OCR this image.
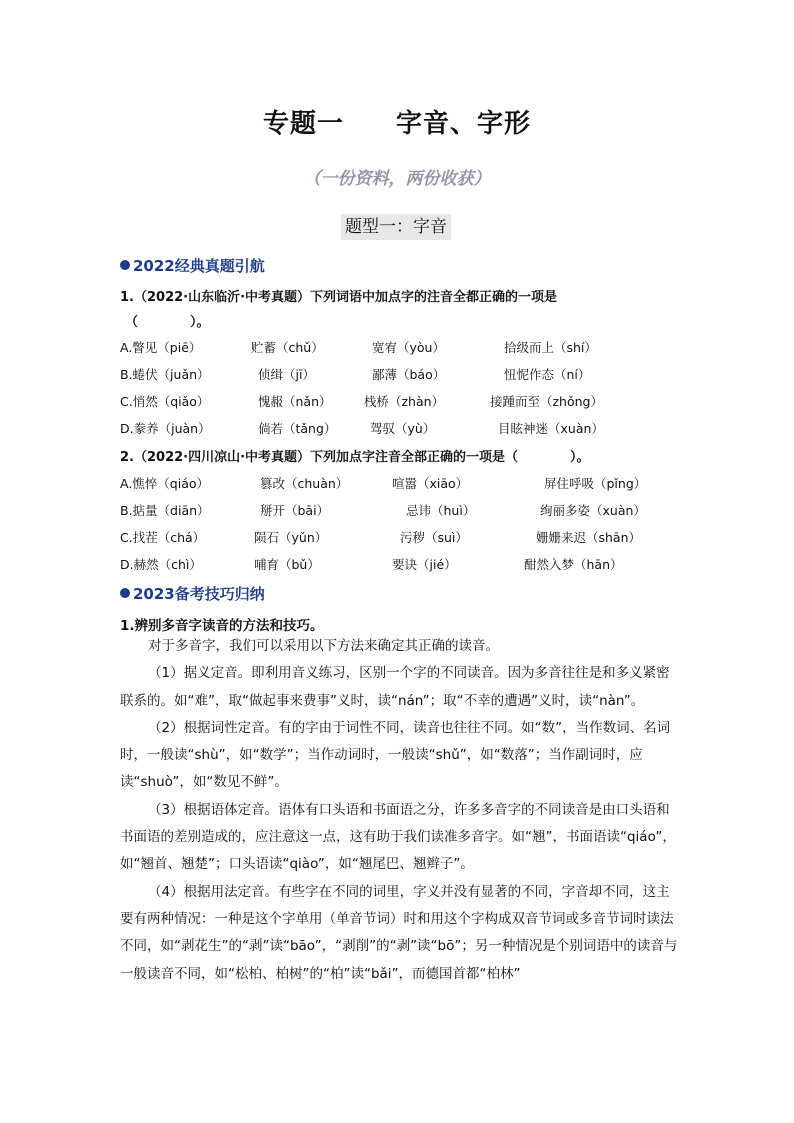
专题一 字音、字形
（一份资料，两份收获）
题型一：字音
2022经典真题引航
1.（2022·山东临沂·中考真题）下列词语中加点字的注音全都正确的一项是
（　　　　）。
A.瞥见（piē）	贮蓄（chǔ）	宽宥（yòu）	拾级而上（shí）
B.蜷伏（juǎn）	侦缉（jī）	鄙薄（báo）	忸怩作态（ní）
C.悄然（qiǎo）	愧赧（nǎn）	栈桥（zhàn）	接踵而至（zhǒng）
D.豢养（juàn）	倘若（tǎng）	驾驭（yù）	目眩神迷（xuàn）
2.（2022·四川凉山·中考真题）下列加点字注音全部正确的一项是（　　　　）。
A.憔悴（qiáo）	篡改（chuàn）	喧嚣（xiāo）	屏住呼吸（pǐng）
B.掂量（diān）	掰开（bāi）	忌讳（huì）	绚丽多姿（xuàn）
C.找茬（chá）	陨石（yǔn）	污秽（suì）	姗姗来迟（shān）
D.赫然（chì）	哺育（bǔ）	要诀（jié）	酣然入梦（hān）
2023备考技巧归纳
1.辨别多音字读音的方法和技巧。

对于多音字，我们可以采用以下方法来确定其正确的读音。

（1）据义定音。即利用音义练习，区别一个字的不同读音。因为多音往往是和多义紧密联系的。如“难”，取“做起事来费事”义时，读“nán”；取“不幸的遭遇”义时，读“nàn”。

（2）根据词性定音。有的字由于词性不同，读音也往往不同。如“数”，当作数词、名词时，一般读“shù”，如“数学”；当作动词时，一般读“shǔ”，如“数落”；当作副词时，应读“shuò”，如“数见不鲜”。

（3）根据语体定音。语体有口头语和书面语之分，许多多音字的不同读音是由口头语和书面语的差别造成的，应注意这一点，这有助于我们读准多音字。如“翘”，书面语读“qiáo”，如“翘首、翘楚”；口头语读“qiào”，如“翘尾巴、翘辫子”。

（4）根据用法定音。有些字在不同的词里，字义并没有显著的不同，字音却不同，这主要有两种情况：一种是这个字单用（单音节词）时和用这个字构成双音节词或多音节词时读法不同，如“剥花生”的“剥”读“bāo”，“剥削”的“剥”读“bō”；另一种情况是个别词语中的读音与一般读音不同，如“松柏、柏树”的“柏”读“bǎi”，而德国首都“柏林”
